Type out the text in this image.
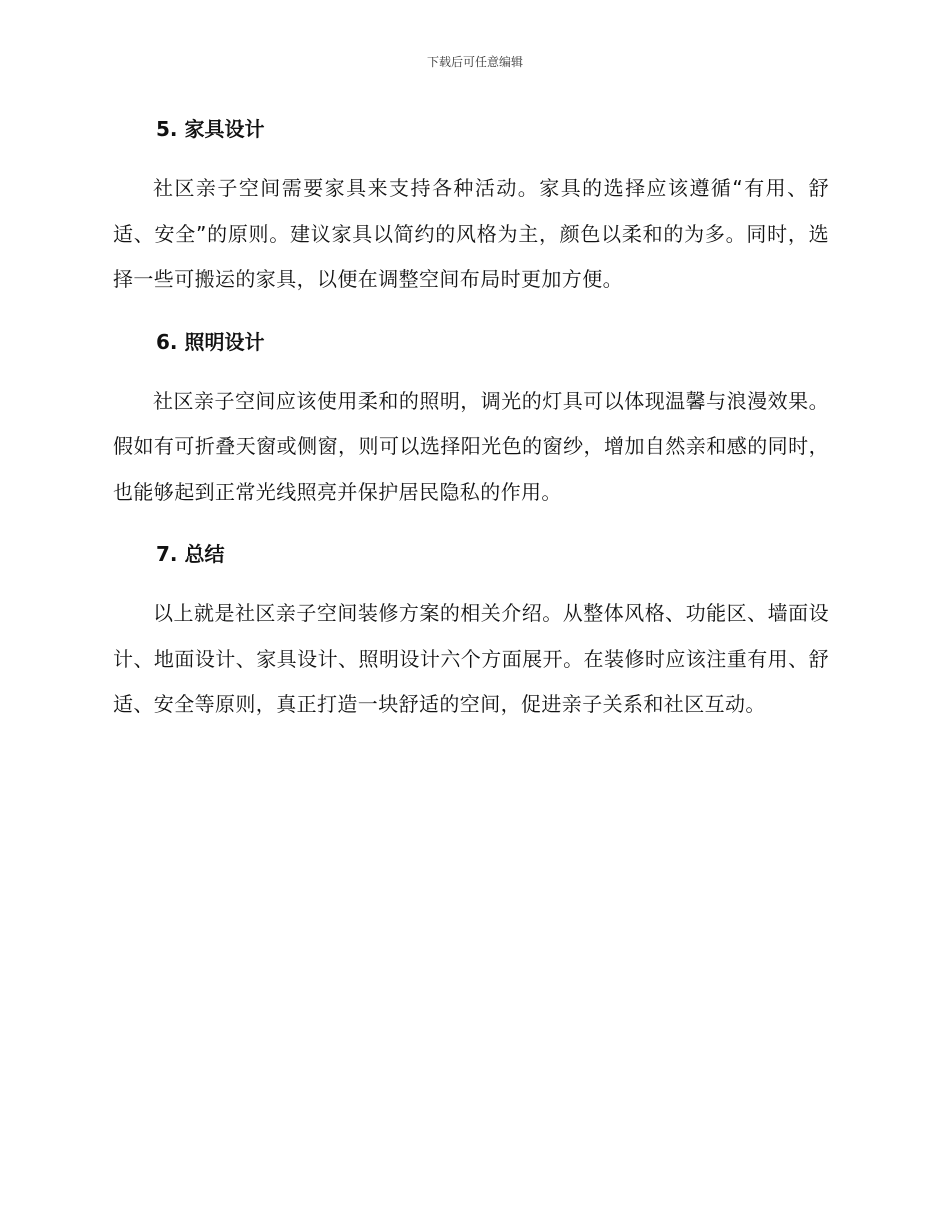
下载后可任意编辑
5. 家具设计

社区亲子空间需要家具来支持各种活动。家具的选择应该遵循“有用、舒适、安全”的原则。建议家具以简约的风格为主，颜色以柔和的为多。同时，选择一些可搬运的家具，以便在调整空间布局时更加方便。

6. 照明设计

社区亲子空间应该使用柔和的照明，调光的灯具可以体现温馨与浪漫效果。假如有可折叠天窗或侧窗，则可以选择阳光色的窗纱，增加自然亲和感的同时，也能够起到正常光线照亮并保护居民隐私的作用。

7. 总结

以上就是社区亲子空间装修方案的相关介绍。从整体风格、功能区、墙面设计、地面设计、家具设计、照明设计六个方面展开。在装修时应该注重有用、舒适、安全等原则，真正打造一块舒适的空间，促进亲子关系和社区互动。
